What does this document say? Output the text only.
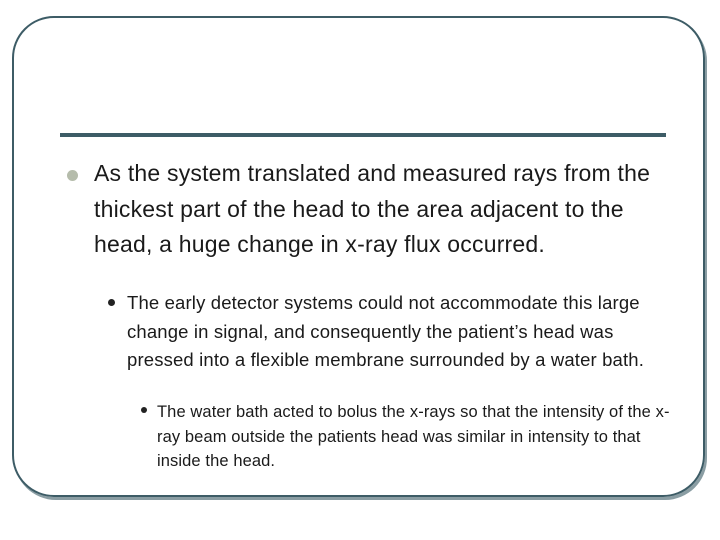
As the system translated and measured rays from the thickest part of the head to the area adjacent to the head, a huge change in x-ray flux occurred.

The early detector systems could not accommodate this large change in signal, and consequently the patient’s head was pressed into a flexible membrane surrounded by a water bath.

The water bath acted to bolus the x-rays so that the intensity of the x-ray beam outside the patients head was similar in intensity to that inside the head.
